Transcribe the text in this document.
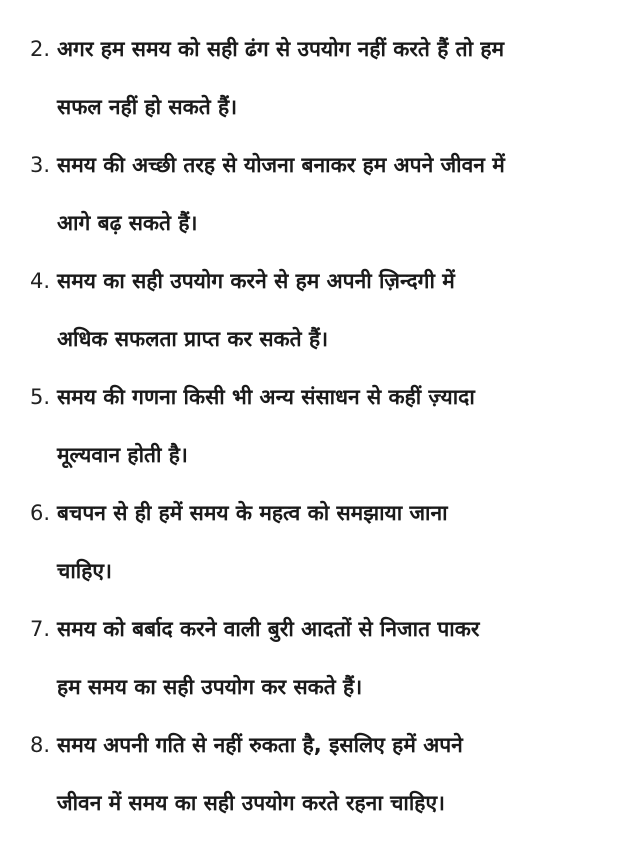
2. अगर हम समय को सही ढंग से उपयोग नहीं करते हैं तो हम
सफल नहीं हो सकते हैं।
3. समय की अच्छी तरह से योजना बनाकर हम अपने जीवन में
आगे बढ़ सकते हैं।
4. समय का सही उपयोग करने से हम अपनी ज़िन्दगी में
अधिक सफलता प्राप्त कर सकते हैं।
5. समय की गणना किसी भी अन्य संसाधन से कहीं ज़्यादा
मूल्यवान होती है।
6. बचपन से ही हमें समय के महत्व को समझाया जाना
चाहिए।
7. समय को बर्बाद करने वाली बुरी आदतों से निजात पाकर
हम समय का सही उपयोग कर सकते हैं।
8. समय अपनी गति से नहीं रुकता है, इसलिए हमें अपने
जीवन में समय का सही उपयोग करते रहना चाहिए।
